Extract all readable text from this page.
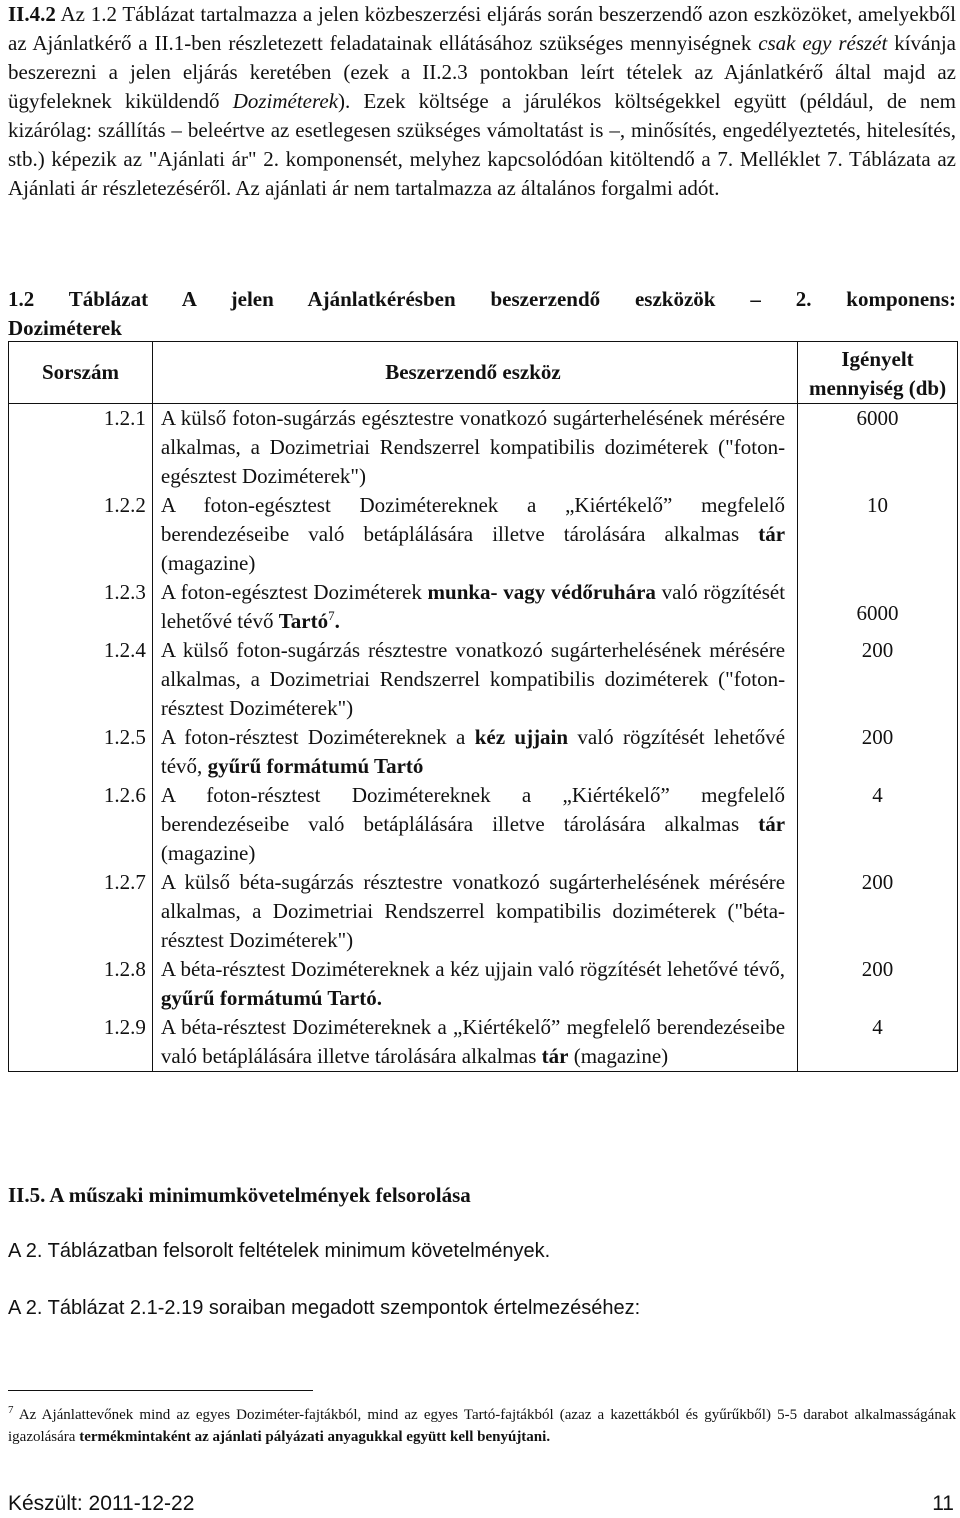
II.4.2 Az 1.2 Táblázat tartalmazza a jelen közbeszerzési eljárás során beszerzendő azon eszközöket, amelyekből az Ajánlatkérő a II.1-ben részletezett feladatainak ellátásához szükséges mennyiségnek csak egy részét kívánja beszerezni a jelen eljárás keretében (ezek a II.2.3 pontokban leírt tételek az Ajánlatkérő által majd az ügyfeleknek kiküldendő Doziméterek). Ezek költsége a járulékos költségekkel együtt (például, de nem kizárólag: szállítás – beleértve az esetlegesen szükséges vámoltatást is –, minősítés, engedélyeztetés, hitelesítés, stb.) képezik az "Ajánlati ár" 2. komponensét, melyhez kapcsolódóan kitöltendő a 7. Melléklet 7. Táblázata az Ajánlati ár részletezéséről. Az ajánlati ár nem tartalmazza az általános forgalmi adót.
1.2 Táblázat A jelen Ajánlatkérésben beszerzendő eszközök – 2. komponens:
Doziméterek
Sorszám	Beszerzendő eszköz	Igényelt mennyiség (db)
1.2.1	A külső foton-sugárzás egésztestre vonatkozó sugárterhelésének mérésére alkalmas, a Dozimetriai Rendszerrel kompatibilis doziméterek ("foton-egésztest Doziméterek")	6000
1.2.2	A foton-egésztest Dozimétereknek a „Kiértékelő” megfelelő berendezéseibe való betáplálására illetve tárolására alkalmas tár (magazine)	10
1.2.3	A foton-egésztest Doziméterek munka- vagy védőruhára való rögzítését lehetővé tévő Tartó$^7$.	6000
1.2.4	A külső foton-sugárzás résztestre vonatkozó sugárterhelésének mérésére alkalmas, a Dozimetriai Rendszerrel kompatibilis doziméterek ("foton-résztest Doziméterek")	200
1.2.5	A foton-résztest Dozimétereknek a kéz ujjain való rögzítését lehetővé tévő, gyűrű formátumú Tartó	200
1.2.6	A foton-résztest Dozimétereknek a „Kiértékelő” megfelelő berendezéseibe való betáplálására illetve tárolására alkalmas tár (magazine)	4
1.2.7	A külső béta-sugárzás résztestre vonatkozó sugárterhelésének mérésére alkalmas, a Dozimetriai Rendszerrel kompatibilis doziméterek ("béta-résztest Doziméterek")	200
1.2.8	A béta-résztest Dozimétereknek a kéz ujjain való rögzítését lehetővé tévő, gyűrű formátumú Tartó.	200
1.2.9	A béta-résztest Dozimétereknek a „Kiértékelő” megfelelő berendezéseibe való betáplálására illetve tárolására alkalmas tár (magazine)	4
II.5. A műszaki minimumkövetelmények felsorolása
A 2. Táblázatban felsorolt feltételek minimum követelmények.
A 2. Táblázat 2.1-2.19 soraiban megadott szempontok értelmezéséhez:
$^7$ Az Ajánlattevőnek mind az egyes Doziméter-fajtákból, mind az egyes Tartó-fajtákból (azaz a kazettákból és gyűrűkből) 5-5 darabot alkalmasságának igazolására termékmintaként az ajánlati pályázati anyagukkal együtt kell benyújtani.
Készült: 2011-12-22	11
